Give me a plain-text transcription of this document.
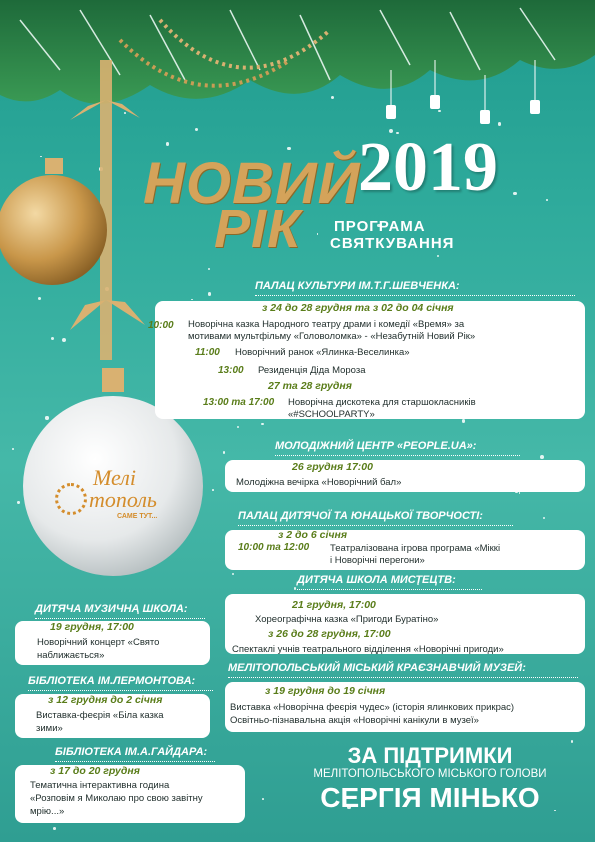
Мелі
тополь
САМЕ ТУТ...
НОВИЙ
РІК
2019
ПРОГРАМА
СВЯТКУВАННЯ
ПАЛАЦ КУЛЬТУРИ ІМ.Т.Г.ШЕВЧЕНКА:
з 24 до 28 грудня та з 02 до 04 січня
10:00 Новорічна казка Народного театру драми і комедії «Время» за
мотивами мультфільму «Головоломка» - «Незабутній Новий Рік»
11:00 Новорічний ранок «Ялинка-Веселинка»
13:00 Резиденція Діда Мороза
27 та 28 грудня
13:00 та 17:00 Новорічна дискотека для старшокласників
«#SCHOOLPARTY»
МОЛОДІЖНИЙ ЦЕНТР «PEOPLE.UA»:
26 грудня 17:00
Молодіжна вечірка «Новорічний бал»
ПАЛАЦ ДИТЯЧОЇ ТА ЮНАЦЬКОЇ ТВОРЧОСТІ:
з 2 до 6 січня
10:00 та 12:00 Театралізована ігрова програма «Міккі
і Новорічні перегони»
ДИТЯЧА ШКОЛА МИСТЕЦТВ:
21 грудня, 17:00
Хореографічна казка «Пригоди Буратіно»
з 26 до 28 грудня, 17:00
Спектаклі учнів театрального відділення «Новорічні пригоди»
МЕЛІТОПОЛЬСЬКИЙ МІСЬКИЙ КРАЄЗНАВЧИЙ МУЗЕЙ:
з 19 грудня до 19 січня
Виставка «Новорічна феєрія чудес» (історія ялинкових прикрас)
Освітньо-пізнавальна акція «Новорічні канікули в музеї»
ДИТЯЧА МУЗИЧНА ШКОЛА:
19 грудня, 17:00
Новорічний концерт «Свято
наближається»
БІБЛІОТЕКА ІМ.ЛЕРМОНТОВА:
з 12 грудня до 2 січня
Виставка-феєрія «Біла казка
зими»
БІБЛІОТЕКА ІМ.А.ГАЙДАРА:
з 17 до 20 грудня
Тематична інтерактивна година
«Розповім я Миколаю про свою завітну
мрію...»
ЗА ПІДТРИМКИ
МЕЛІТОПОЛЬСЬКОГО МІСЬКОГО ГОЛОВИ
СЕРГІЯ МІНЬКО
